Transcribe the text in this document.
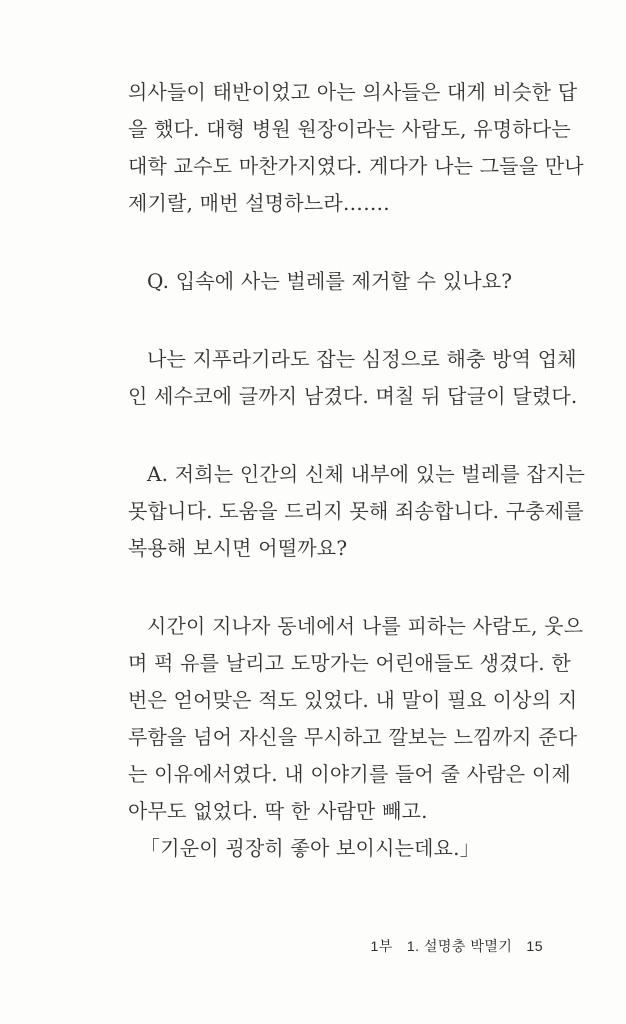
의사들이 태반이었고 아는 의사들은 대게 비슷한 답
을 했다. 대형 병원 원장이라는 사람도, 유명하다는
대학 교수도 마찬가지였다. 게다가 나는 그들을 만나
제기랄, 매번 설명하느라…….
Q. 입속에 사는 벌레를 제거할 수 있나요?
나는 지푸라기라도 잡는 심정으로 해충 방역 업체
인 세수코에 글까지 남겼다. 며칠 뒤 답글이 달렸다.
A. 저희는 인간의 신체 내부에 있는 벌레를 잡지는
못합니다. 도움을 드리지 못해 죄송합니다. 구충제를
복용해 보시면 어떨까요?
시간이 지나자 동네에서 나를 피하는 사람도, 웃으
며 퍽 유를 날리고 도망가는 어린애들도 생겼다. 한
번은 얻어맞은 적도 있었다. 내 말이 필요 이상의 지
루함을 넘어 자신을 무시하고 깔보는 느낌까지 준다
는 이유에서였다. 내 이야기를 들어 줄 사람은 이제
아무도 없었다. 딱 한 사람만 빼고.
「기운이 굉장히 좋아 보이시는데요.」
1부 1. 설명충 박멸기 15
